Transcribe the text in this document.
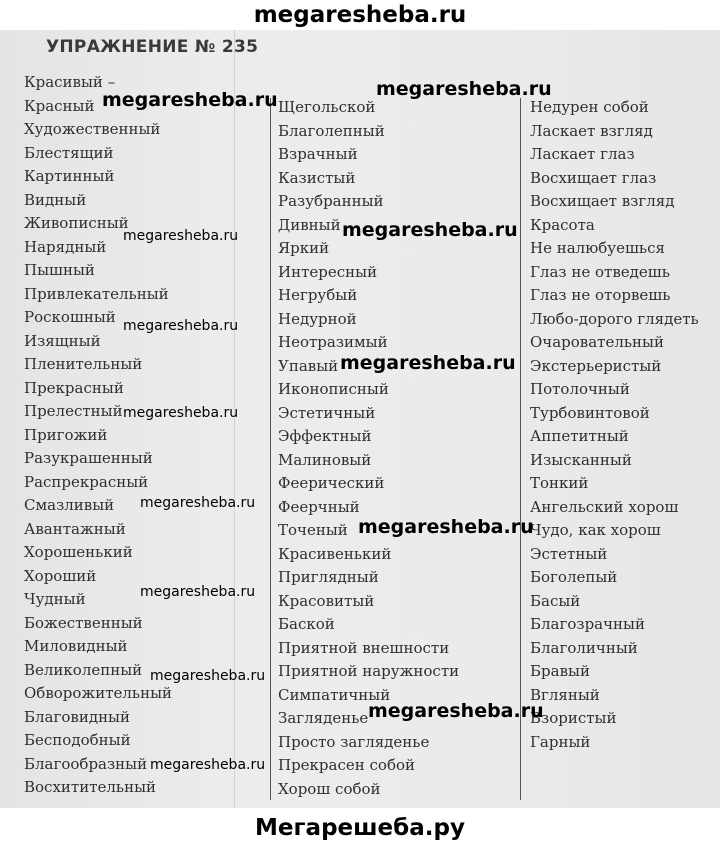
megaresheba.ru
УПРАЖНЕНИЕ № 235
Красивый –
Красный
Художественный
Блестящий
Картинный
Видный
Живописный
Нарядный
Пышный
Привлекательный
Роскошный
Изящный
Пленительный
Прекрасный
Прелестный
Пригожий
Разукрашенный
Распрекрасный
Смазливый
Авантажный
Хорошенький
Хороший
Чудный
Божественный
Миловидный
Великолепный
Обворожительный
Благовидный
Бесподобный
Благообразный
Восхитительный
Щегольской
Благолепный
Взрачный
Казистый
Разубранный
Дивный
Яркий
Интересный
Негрубый
Недурной
Неотразимый
Упавый
Иконописный
Эстетичный
Эффектный
Малиновый
Феерический
Феерчный
Точеный
Красивенький
Приглядный
Красовитый
Баской
Приятной внешности
Приятной наружности
Симпатичный
Загляденье
Просто загляденье
Прекрасен собой
Хорош собой
Недурен собой
Ласкает взгляд
Ласкает глаз
Восхищает глаз
Восхищает взгляд
Красота
Не налюбуешься
Глаз не отведешь
Глаз не оторвешь
Любо-дорого глядеть
Очаровательный
Экстерьеристый
Потолочный
Турбовинтовой
Аппетитный
Изысканный
Тонкий
Ангельский хорош
Чудо, как хорош
Эстетный
Боголепый
Басый
Благозрачный
Благоличный
Бравый
Вгляный
Взористый
Гарный
megaresheba.ru
megaresheba.ru
megaresheba.ru
megaresheba.ru
megaresheba.ru
megaresheba.ru
megaresheba.ru
megaresheba.ru
megaresheba.ru
megaresheba.ru
megaresheba.ru
megaresheba.ru
megaresheba.ru
Мегарешеба.ру
